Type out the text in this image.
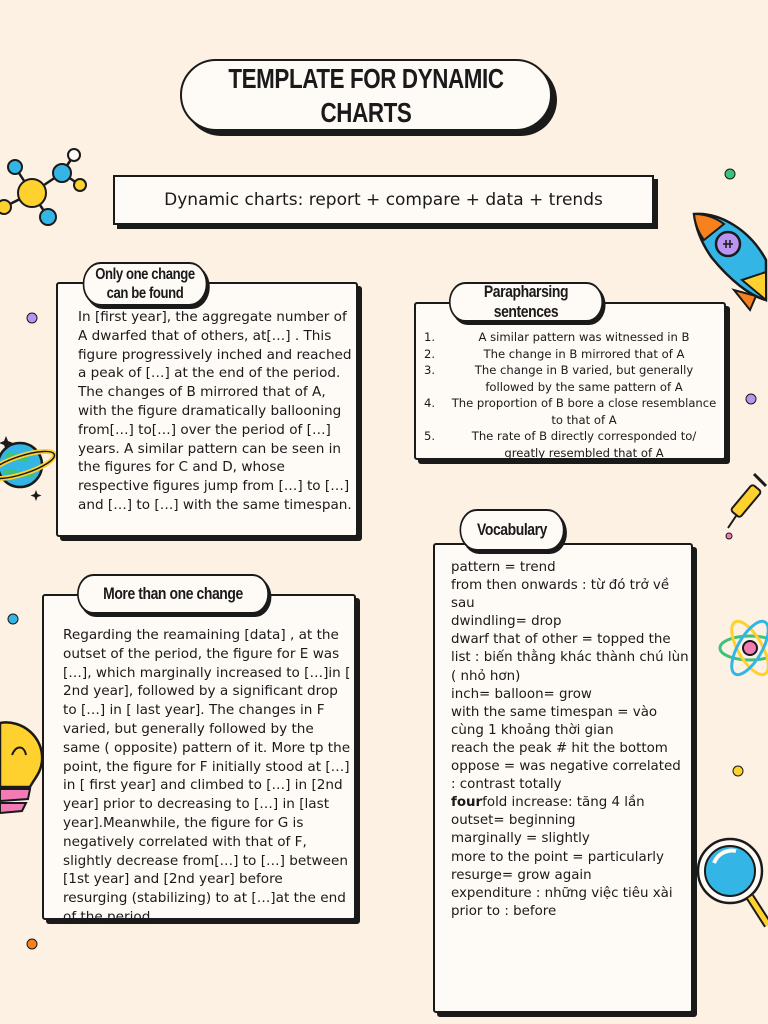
TEMPLATE FOR DYNAMIC
CHARTS
Dynamic charts: report + compare + data + trends
In [first year], the aggregate number of A dwarfed that of others, at[…] . This figure progressively inched and reached a peak of […] at the end of the period. The changes of B mirrored that of A, with the figure dramatically ballooning from[…] to[…] over the period of […] years. A similar pattern can be seen in the figures for C and D, whose respective figures jump from […] to […] and […] to […] with the same timespan.
Only one change
can be found
Regarding the reamaining [data] , at the outset of the period, the figure for E was […], which marginally increased to […]in [ 2nd year], followed by a significant drop to […] in [ last year]. The changes in F varied, but generally followed by the same ( opposite) pattern of it. More tp the point, the figure for F initially stood at […] in [ first year] and climbed to […] in [2nd year] prior to decreasing to […] in [last year].Meanwhile, the figure for G is negatively correlated with that of F, slightly decrease from[…] to […] between [1st year] and [2nd year] before resurging (stabilizing) to at […]at the end of the period
More than one change
1.	A similar pattern was witnessed in B
2.	The change in B mirrored that of A
3.	The change in B varied, but generally followed by the same pattern of A
4.	The proportion of B bore a close resemblance to that of A
5.	The rate of B directly corresponded to/ greatly resembled that of A
Parapharsing sentences
pattern = trend
from then onwards : từ đó trở về
sau
dwindling= drop
dwarf that of other = topped the
list : biến thằng khác thành chú lùn
( nhỏ hơn)
inch= balloon= grow
with the same timespan = vào
cùng 1 khoảng thời gian
reach the peak # hit the bottom
oppose = was negative correlated
: contrast totally
fourfold increase: tăng 4 lần
outset= beginning
marginally = slightly
more to the point = particularly
resurge= grow again
expenditure : những việc tiêu xài
prior to : before
Vocabulary
